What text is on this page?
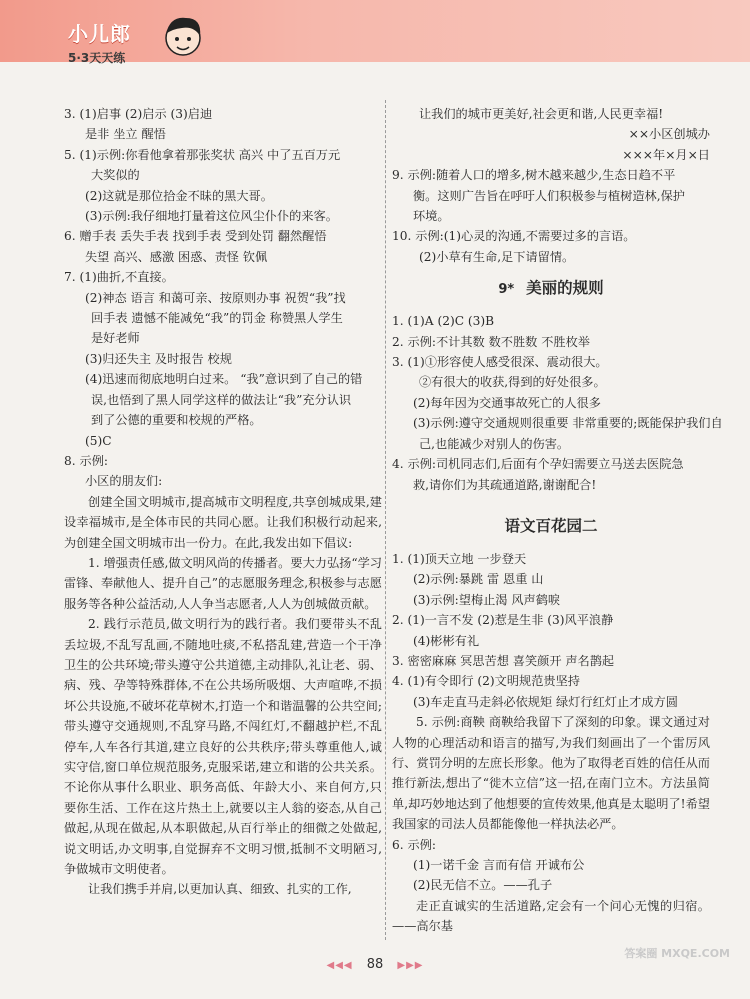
小儿郎
5·3天天练
3. (1)启事 (2)启示 (3)启迪
是非 坐立 醒悟
5. (1)示例:你看他拿着那张奖状 高兴 中了五百万元
大奖似的
(2)这就是那位拾金不昧的黑大哥。
(3)示例:我仔细地打量着这位风尘仆仆的来客。
6. 赠手表 丢失手表 找到手表 受到处罚 翻然醒悟
失望 高兴、感激 困惑、责怪 钦佩
7. (1)曲折,不直接。
(2)神态 语言 和蔼可亲、按原则办事 祝贺“我”找
回手表 遗憾不能减免“我”的罚金 称赞黑人学生
是好老师
(3)归还失主 及时报告 校规
(4)迅速而彻底地明白过来。 “我”意识到了自己的错
误,也悟到了黑人同学这样的做法让“我”充分认识
到了公德的重要和校规的严格。
(5)C
8. 示例:
小区的朋友们:
创建全国文明城市,提高城市文明程度,共享创城成果,建设幸福城市,是全体市民的共同心愿。让我们积极行动起来,为创建全国文明城市出一份力。在此,我发出如下倡议:
1. 增强责任感,做文明风尚的传播者。要大力弘扬“学习雷锋、奉献他人、提升自己”的志愿服务理念,积极参与志愿服务等各种公益活动,人人争当志愿者,人人为创城做贡献。
2. 践行示范员,做文明行为的践行者。我们要带头不乱丢垃圾,不乱写乱画,不随地吐痰,不私搭乱建,营造一个干净卫生的公共环境;带头遵守公共道德,主动排队,礼让老、弱、病、残、孕等特殊群体,不在公共场所吸烟、大声喧哗,不损坏公共设施,不破坏花草树木,打造一个和谐温馨的公共空间;带头遵守交通规则,不乱穿马路,不闯红灯,不翻越护栏,不乱停车,人车各行其道,建立良好的公共秩序;带头尊重他人,诚实守信,窗口单位规范服务,克服采诺,建立和谐的公共关系。不论你从事什么职业、职务高低、年龄大小、来自何方,只要你生活、工作在这片热土上,就要以主人翁的姿态,从自己做起,从现在做起,从本职做起,从百行举止的细微之处做起,说文明话,办文明事,自觉摒弃不文明习惯,抵制不文明陋习,争做城市文明使者。
让我们携手并肩,以更加认真、细致、扎实的工作,
让我们的城市更美好,社会更和谐,人民更幸福!
××小区创城办
×××年×月×日
9. 示例:随着人口的增多,树木越来越少,生态日趋不平
衡。这则广告旨在呼吁人们积极参与植树造林,保护
环境。
10. 示例:(1)心灵的沟通,不需要过多的言语。
(2)小草有生命,足下请留情。
9* 美丽的规则
1. (1)A (2)C (3)B
2. 示例:不计其数 数不胜数 不胜枚举
3. (1)①形容使人感受很深、震动很大。
②有很大的收获,得到的好处很多。
(2)每年因为交通事故死亡的人很多
(3)示例:遵守交通规则很重要 非常重要的;既能保护我们自
己,也能减少对别人的伤害。
4. 示例:司机同志们,后面有个孕妇需要立马送去医院急
救,请你们为其疏通道路,谢谢配合!
语文百花园二
1. (1)顶天立地 一步登天
(2)示例:暴跳 雷 恩重 山
(3)示例:望梅止渴 风声鹤唳
2. (1)一言不发 (2)惹是生非 (3)风平浪静
(4)彬彬有礼
3. 密密麻麻 冥思苦想 喜笑颜开 声名鹊起
4. (1)有令即行 (2)文明规范贵坚持
(3)车走直马走斜必依规矩 绿灯行红灯止才成方圆
5. 示例:商鞅 商鞅给我留下了深刻的印象。课文通过对人物的心理活动和语言的描写,为我们刻画出了一个雷厉风行、赏罚分明的左庶长形象。他为了取得老百姓的信任从而推行新法,想出了“徙木立信”这一招,在南门立木。方法虽简单,却巧妙地达到了他想要的宣传效果,他真是太聪明了!希望我国家的司法人员都能像他一样执法必严。
6. 示例:
(1)一诺千金 言而有信 开诚布公
(2)民无信不立。——孔子
走正直诚实的生活道路,定会有一个问心无愧的归宿。——高尔基
◀◀◀ 88 ▶▶▶
答案圈 MXQE.COM
